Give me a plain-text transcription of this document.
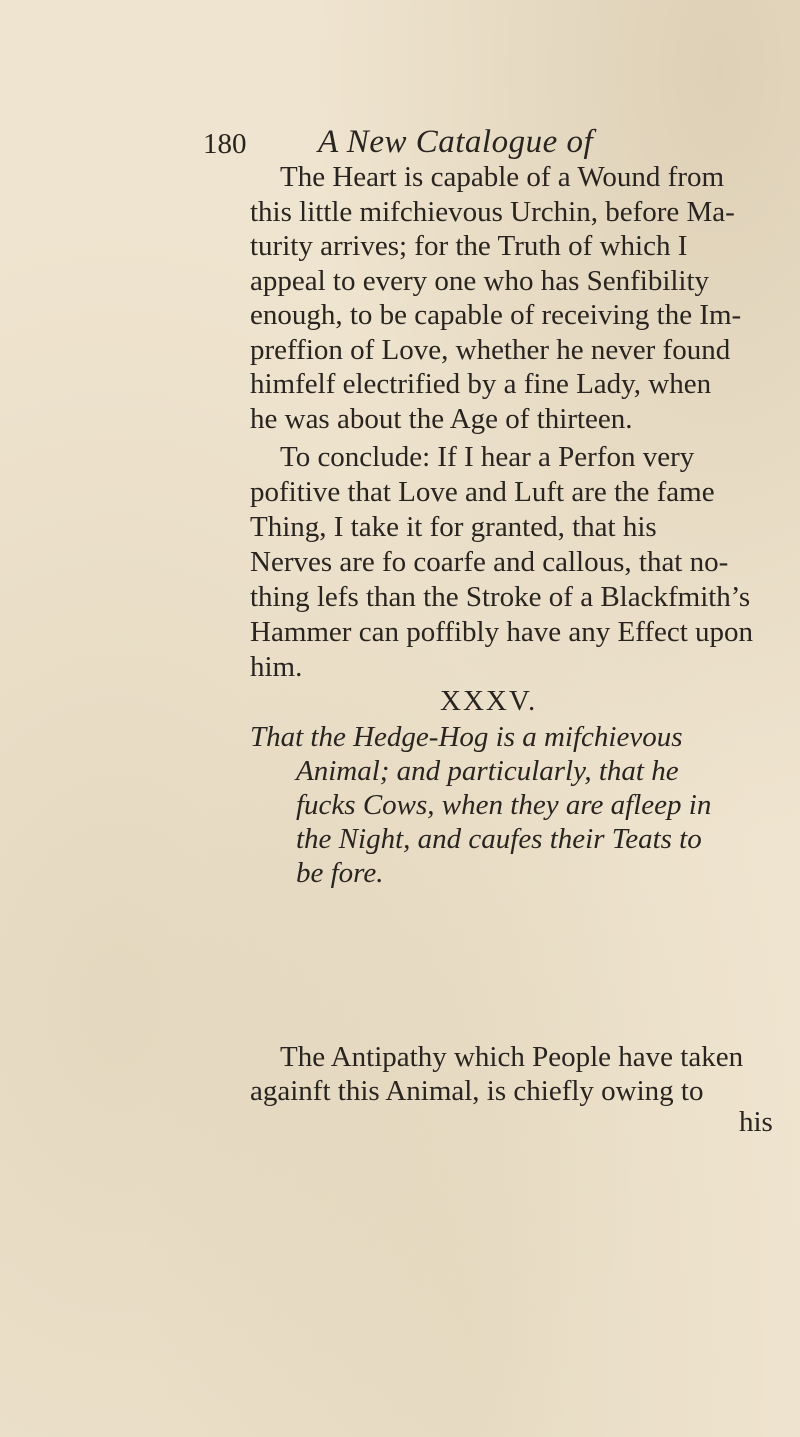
180 A New Catalogue of
The Heart is capable of a Wound from
this little mifchievous Urchin, before Ma-
turity arrives; for the Truth of which I
appeal to every one who has Senfibility
enough, to be capable of receiving the Im-
preffion of Love, whether he never found
himfelf electrified by a fine Lady, when
he was about the Age of thirteen.
To conclude: If I hear a Perfon very
pofitive that Love and Luft are the fame
Thing, I take it for granted, that his
Nerves are fo coarfe and callous, that no-
thing lefs than the Stroke of a Blackfmith’s
Hammer can poffibly have any Effect upon
him.
XXXV.
That the Hedge-Hog is a mifchievous
Animal; and particularly, that he
fucks Cows, when they are afleep in
the Night, and caufes their Teats to
be fore.
The Antipathy which People have taken
againft this Animal, is chiefly owing to
his
